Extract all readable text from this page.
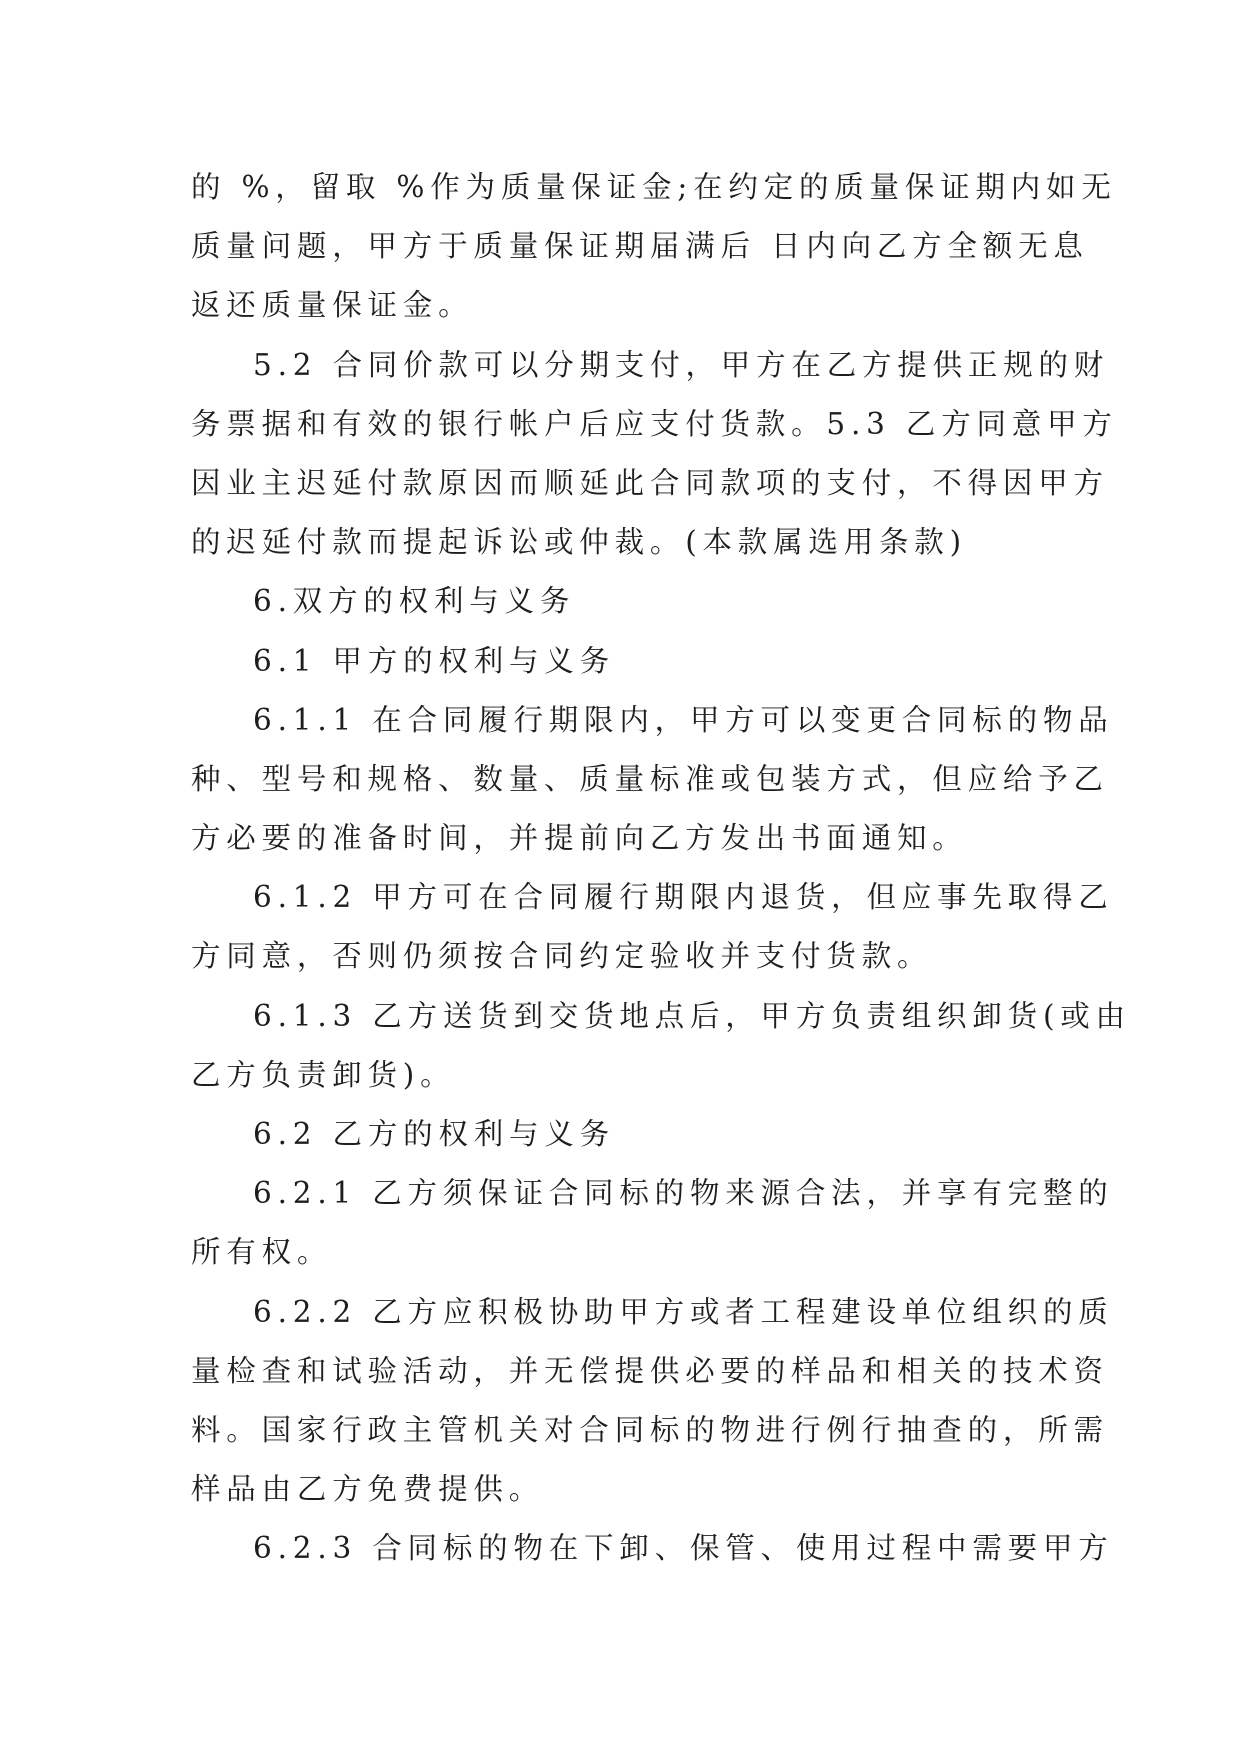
的 %，留取 %作为质量保证金;在约定的质量保证期内如无
质量问题，甲方于质量保证期届满后 日内向乙方全额无息
返还质量保证金。

5.2 合同价款可以分期支付，甲方在乙方提供正规的财
务票据和有效的银行帐户后应支付货款。5.3 乙方同意甲方
因业主迟延付款原因而顺延此合同款项的支付，不得因甲方
的迟延付款而提起诉讼或仲裁。(本款属选用条款)

6.双方的权利与义务

6.1 甲方的权利与义务

6.1.1 在合同履行期限内，甲方可以变更合同标的物品
种、型号和规格、数量、质量标准或包装方式，但应给予乙
方必要的准备时间，并提前向乙方发出书面通知。

6.1.2 甲方可在合同履行期限内退货，但应事先取得乙
方同意，否则仍须按合同约定验收并支付货款。

6.1.3 乙方送货到交货地点后，甲方负责组织卸货(或由
乙方负责卸货)。

6.2 乙方的权利与义务

6.2.1 乙方须保证合同标的物来源合法，并享有完整的
所有权。

6.2.2 乙方应积极协助甲方或者工程建设单位组织的质
量检查和试验活动，并无偿提供必要的样品和相关的技术资
料。国家行政主管机关对合同标的物进行例行抽查的，所需
样品由乙方免费提供。

6.2.3 合同标的物在下卸、保管、使用过程中需要甲方
